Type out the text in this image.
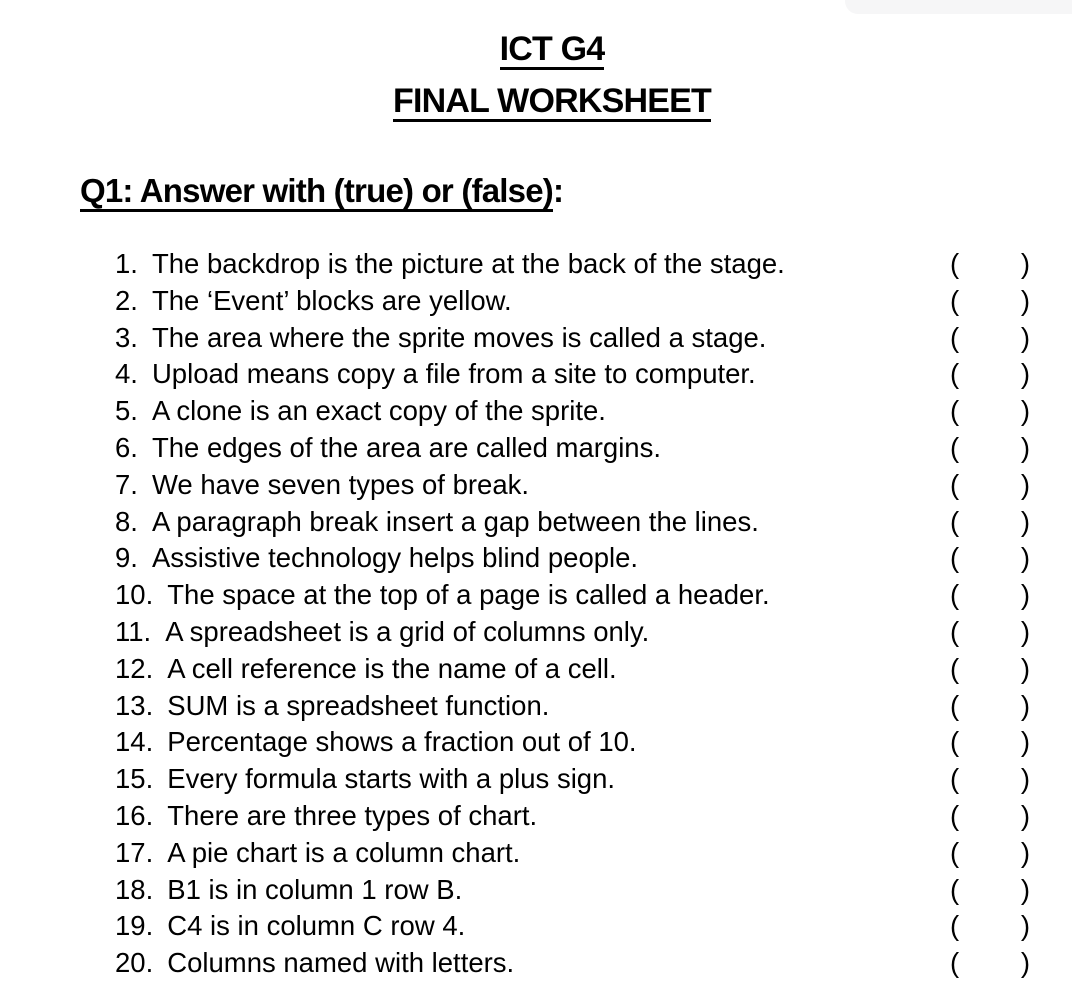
ICT G4
FINAL WORKSHEET
Q1: Answer with (true) or (false):
1. The backdrop is the picture at the back of the stage.	( )
2. The ‘Event’ blocks are yellow.	( )
3. The area where the sprite moves is called a stage.	( )
4. Upload means copy a file from a site to computer.	( )
5. A clone is an exact copy of the sprite.	( )
6. The edges of the area are called margins.	( )
7. We have seven types of break.	( )
8. A paragraph break insert a gap between the lines.	( )
9. Assistive technology helps blind people.	( )
10. The space at the top of a page is called a header.	( )
11. A spreadsheet is a grid of columns only.	( )
12. A cell reference is the name of a cell.	( )
13. SUM is a spreadsheet function.	( )
14. Percentage shows a fraction out of 10.	( )
15. Every formula starts with a plus sign.	( )
16. There are three types of chart.	( )
17. A pie chart is a column chart.	( )
18. B1 is in column 1 row B.	( )
19. C4 is in column C row 4.	( )
20. Columns named with letters.	( )
